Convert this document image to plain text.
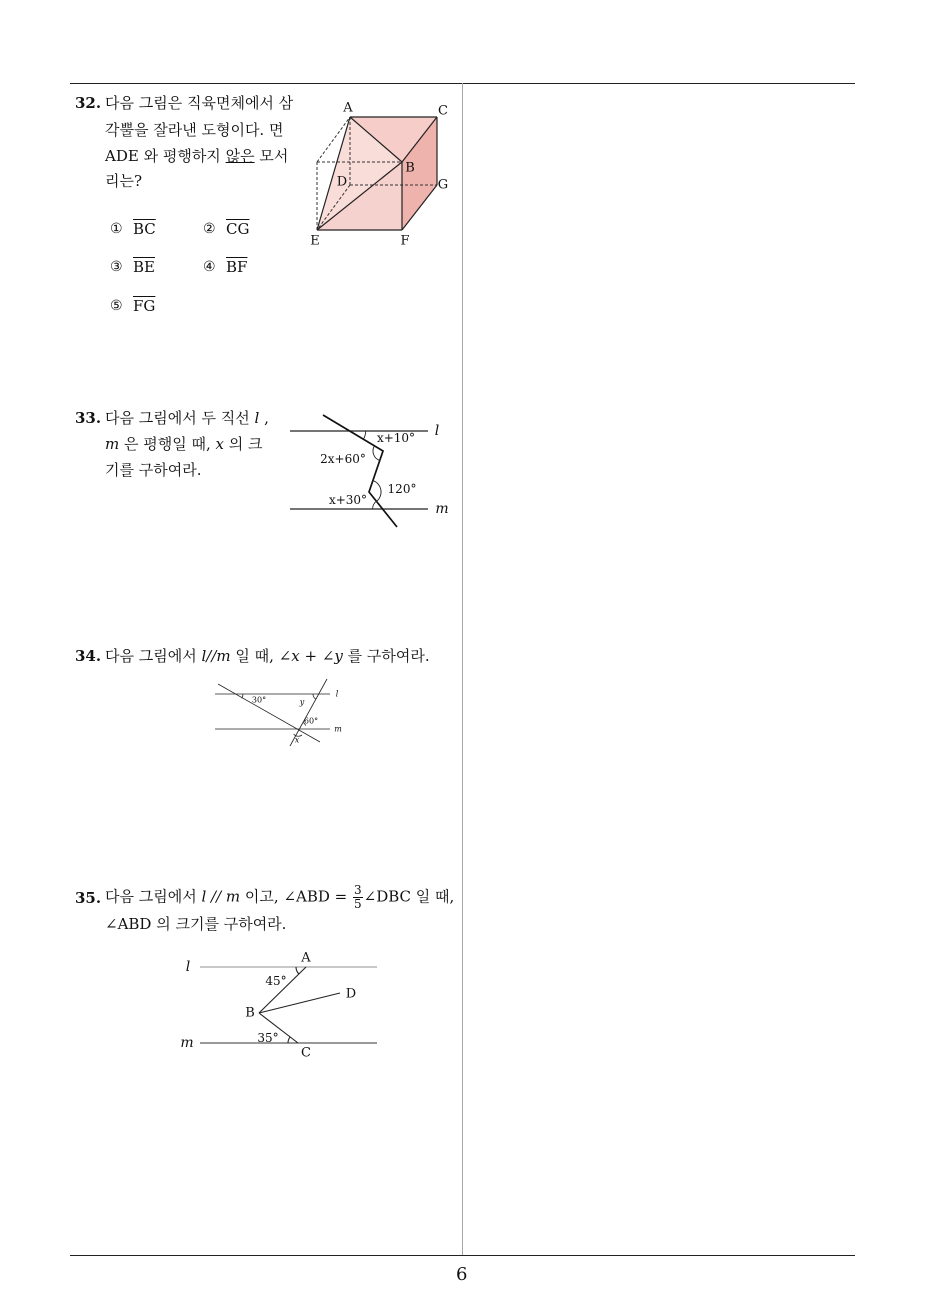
32. 다음 그림은 직육면체에서 삼
각뿔을 잘라낸 도형이다. 면
ADE 와 평행하지 않은 모서
리는?
① $\overline{BC}$	② $\overline{CG}$
③ $\overline{BE}$	④ $\overline{BF}$
⑤ $\overline{FG}$
A	C
B
D	G
E	F
33. 다음 그림에서 두 직선 l ,
m 은 평행일 때, x 의 크
기를 구하여라.
l
m
x+10°
2x+60°
120°
x+30°
34. 다음 그림에서 l//m 일 때, ∠x + ∠y 를 구하여라.
l
m
30°	y
60°
x
35. 다음 그림에서 l // m 이고, ∠ABD = $\frac{3}{5}$ ∠DBC 일 때,
∠ABD 의 크기를 구하여라.
l
m
A
B
C
D
45°
35°
6
